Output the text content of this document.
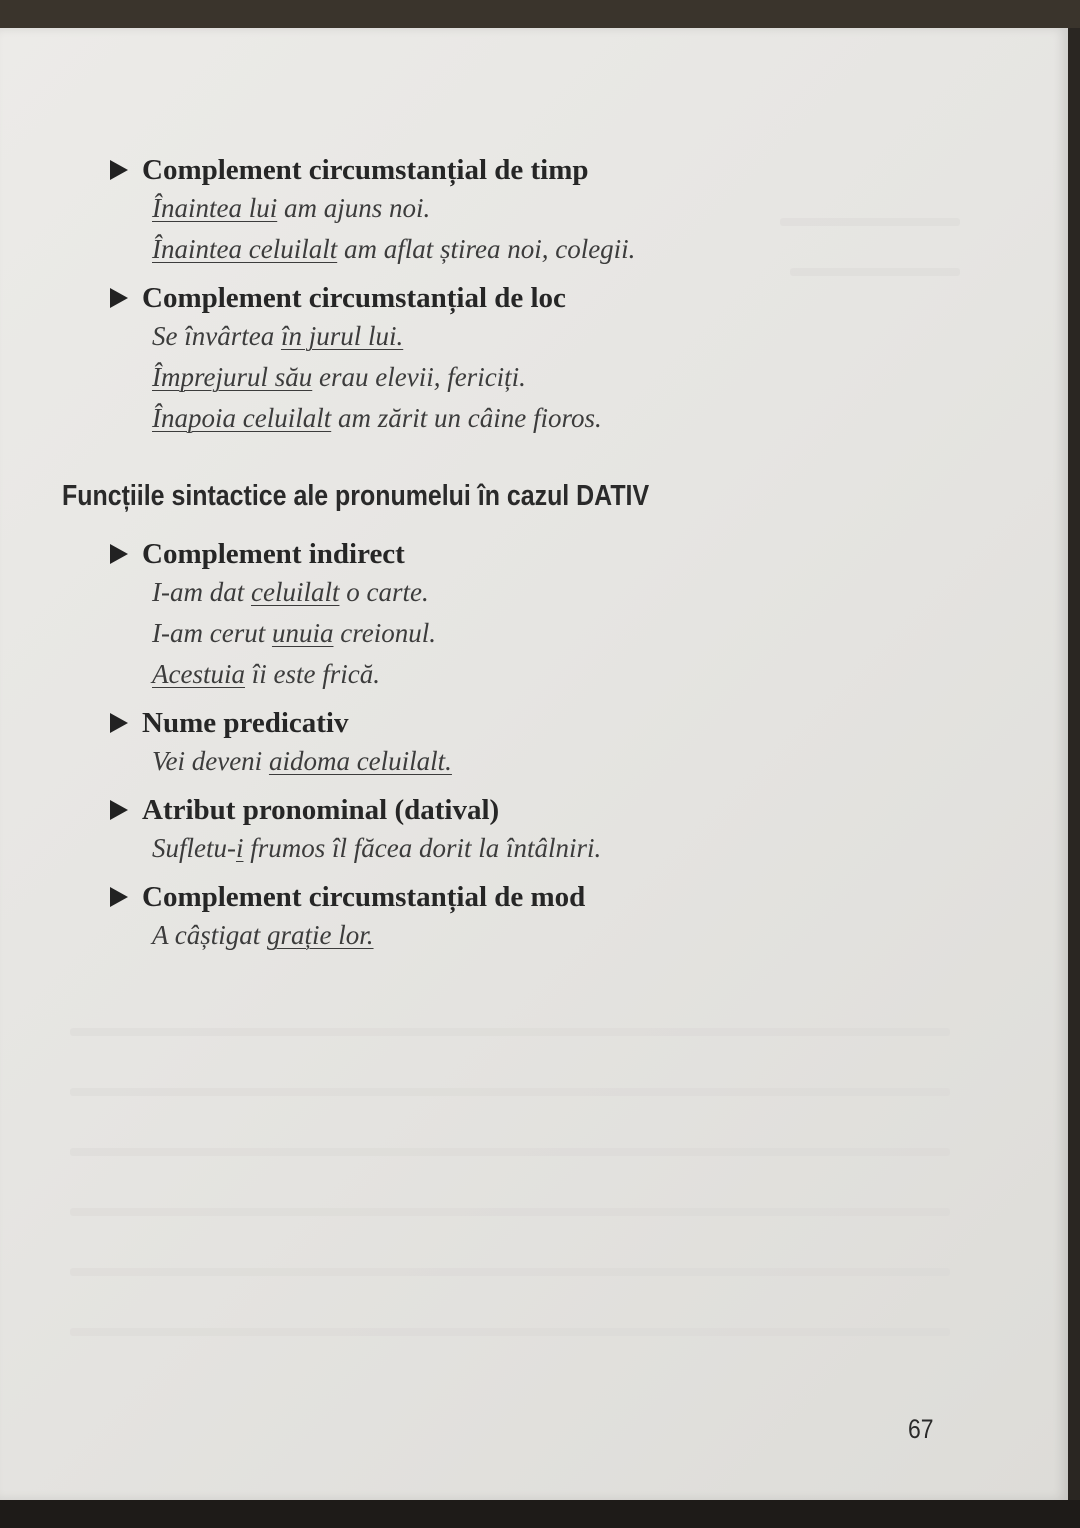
Complement circumstanțial de timp
Înaintea lui am ajuns noi.
Înaintea celuilalt am aflat știrea noi, colegii.
Complement circumstanțial de loc
Se învârtea în jurul lui.
Împrejurul său erau elevii, fericiți.
Înapoia celuilalt am zărit un câine fioros.
Funcțiile sintactice ale pronumelui în cazul DATIV
Complement indirect
I-am dat celuilalt o carte.
I-am cerut unuia creionul.
Acestuia îi este frică.
Nume predicativ
Vei deveni aidoma celuilalt.
Atribut pronominal (datival)
Sufletu-i frumos îl făcea dorit la întâlniri.
Complement circumstanțial de mod
A câștigat grație lor.
67
